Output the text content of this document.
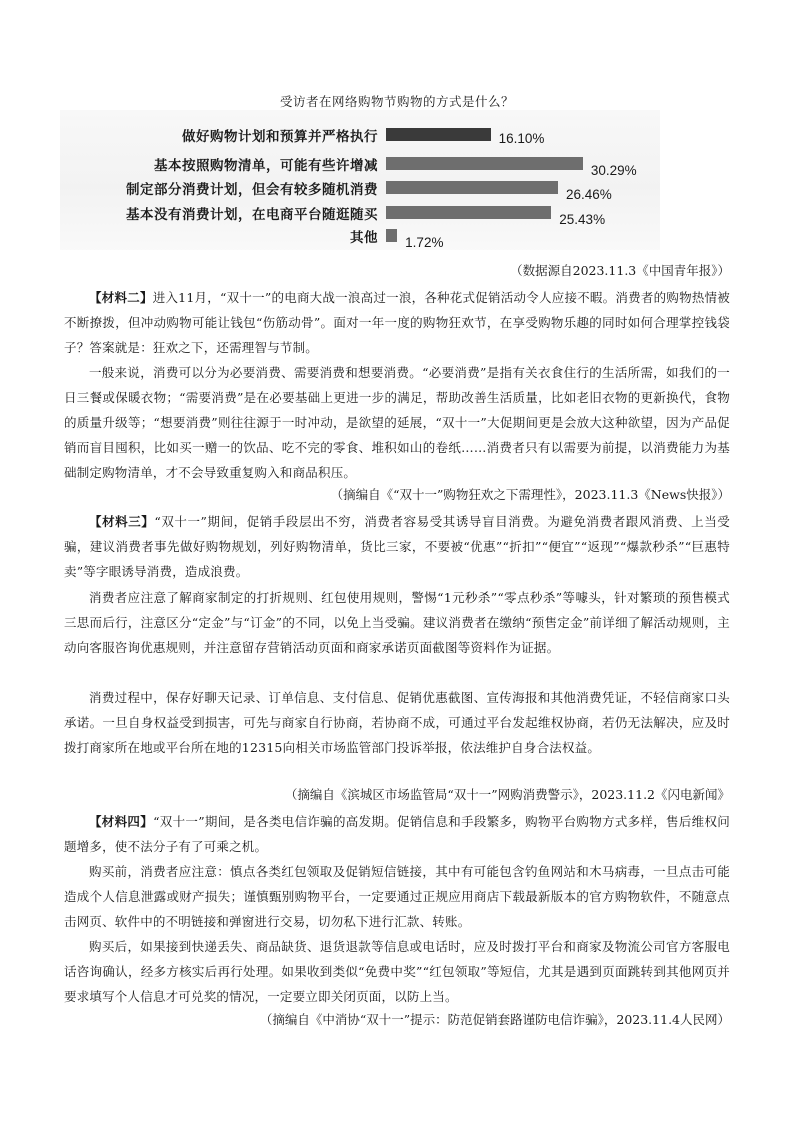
受访者在网络购物节购物的方式是什么？
做好购物计划和预算并严格执行	16.10%
基本按照购物清单，可能有些许增减	30.29%
制定部分消费计划，但会有较多随机消费	26.46%
基本没有消费计划，在电商平台随逛随买	25.43%
其他 1.72%
（数据源自2023.11.3《中国青年报》）

【材料二】进入11月，“双十一”的电商大战一浪高过一浪，各种花式促销活动令人应接不暇。消费者的购物热情被不断撩拨，但冲动购物可能让钱包“伤筋动骨”。面对一年一度的购物狂欢节，在享受购物乐趣的同时如何合理掌控钱袋子？答案就是：狂欢之下，还需理智与节制。

一般来说，消费可以分为必要消费、需要消费和想要消费。“必要消费”是指有关衣食住行的生活所需，如我们的一日三餐或保暖衣物；“需要消费”是在必要基础上更进一步的满足，帮助改善生活质量，比如老旧衣物的更新换代，食物的质量升级等；“想要消费”则往往源于一时冲动，是欲望的延展，“双十一”大促期间更是会放大这种欲望，因为产品促销而盲目囤积，比如买一赠一的饮品、吃不完的零食、堆积如山的卷纸……消费者只有以需要为前提，以消费能力为基础制定购物清单，才不会导致重复购入和商品积压。

（摘编自《“双十一”购物狂欢之下需理性》，2023.11.3《News快报》）

【材料三】“双十一”期间，促销手段层出不穷，消费者容易受其诱导盲目消费。为避免消费者跟风消费、上当受骗，建议消费者事先做好购物规划，列好购物清单，货比三家，不要被“优惠”“折扣”“便宜”“返现”“爆款秒杀”“巨惠特卖”等字眼诱导消费，造成浪费。

消费者应注意了解商家制定的打折规则、红包使用规则，警惕“1元秒杀”“零点秒杀”等噱头，针对繁琐的预售模式三思而后行，注意区分“定金”与“订金”的不同，以免上当受骗。建议消费者在缴纳“预售定金”前详细了解活动规则，主动向客服咨询优惠规则，并注意留存营销活动页面和商家承诺页面截图等资料作为证据。

消费过程中，保存好聊天记录、订单信息、支付信息、促销优惠截图、宣传海报和其他消费凭证，不轻信商家口头承诺。一旦自身权益受到损害，可先与商家自行协商，若协商不成，可通过平台发起维权协商，若仍无法解决，应及时拨打商家所在地或平台所在地的12315向相关市场监管部门投诉举报，依法维护自身合法权益。

（摘编自《滨城区市场监管局“双十一”网购消费警示》，2023.11.2《闪电新闻》

【材料四】“双十一”期间，是各类电信诈骗的高发期。促销信息和手段繁多，购物平台购物方式多样，售后维权问题增多，使不法分子有了可乘之机。

购买前，消费者应注意：慎点各类红包领取及促销短信链接，其中有可能包含钓鱼网站和木马病毒，一旦点击可能造成个人信息泄露或财产损失；谨慎甄别购物平台，一定要通过正规应用商店下载最新版本的官方购物软件，不随意点击网页、软件中的不明链接和弹窗进行交易，切勿私下进行汇款、转账。

购买后，如果接到快递丢失、商品缺货、退货退款等信息或电话时，应及时拨打平台和商家及物流公司官方客服电话咨询确认，经多方核实后再行处理。如果收到类似“免费中奖”“红包领取”等短信，尤其是遇到页面跳转到其他网页并要求填写个人信息才可兑奖的情况，一定要立即关闭页面，以防上当。

（摘编自《中消协“双十一”提示：防范促销套路谨防电信诈骗》，2023.11.4人民网）
